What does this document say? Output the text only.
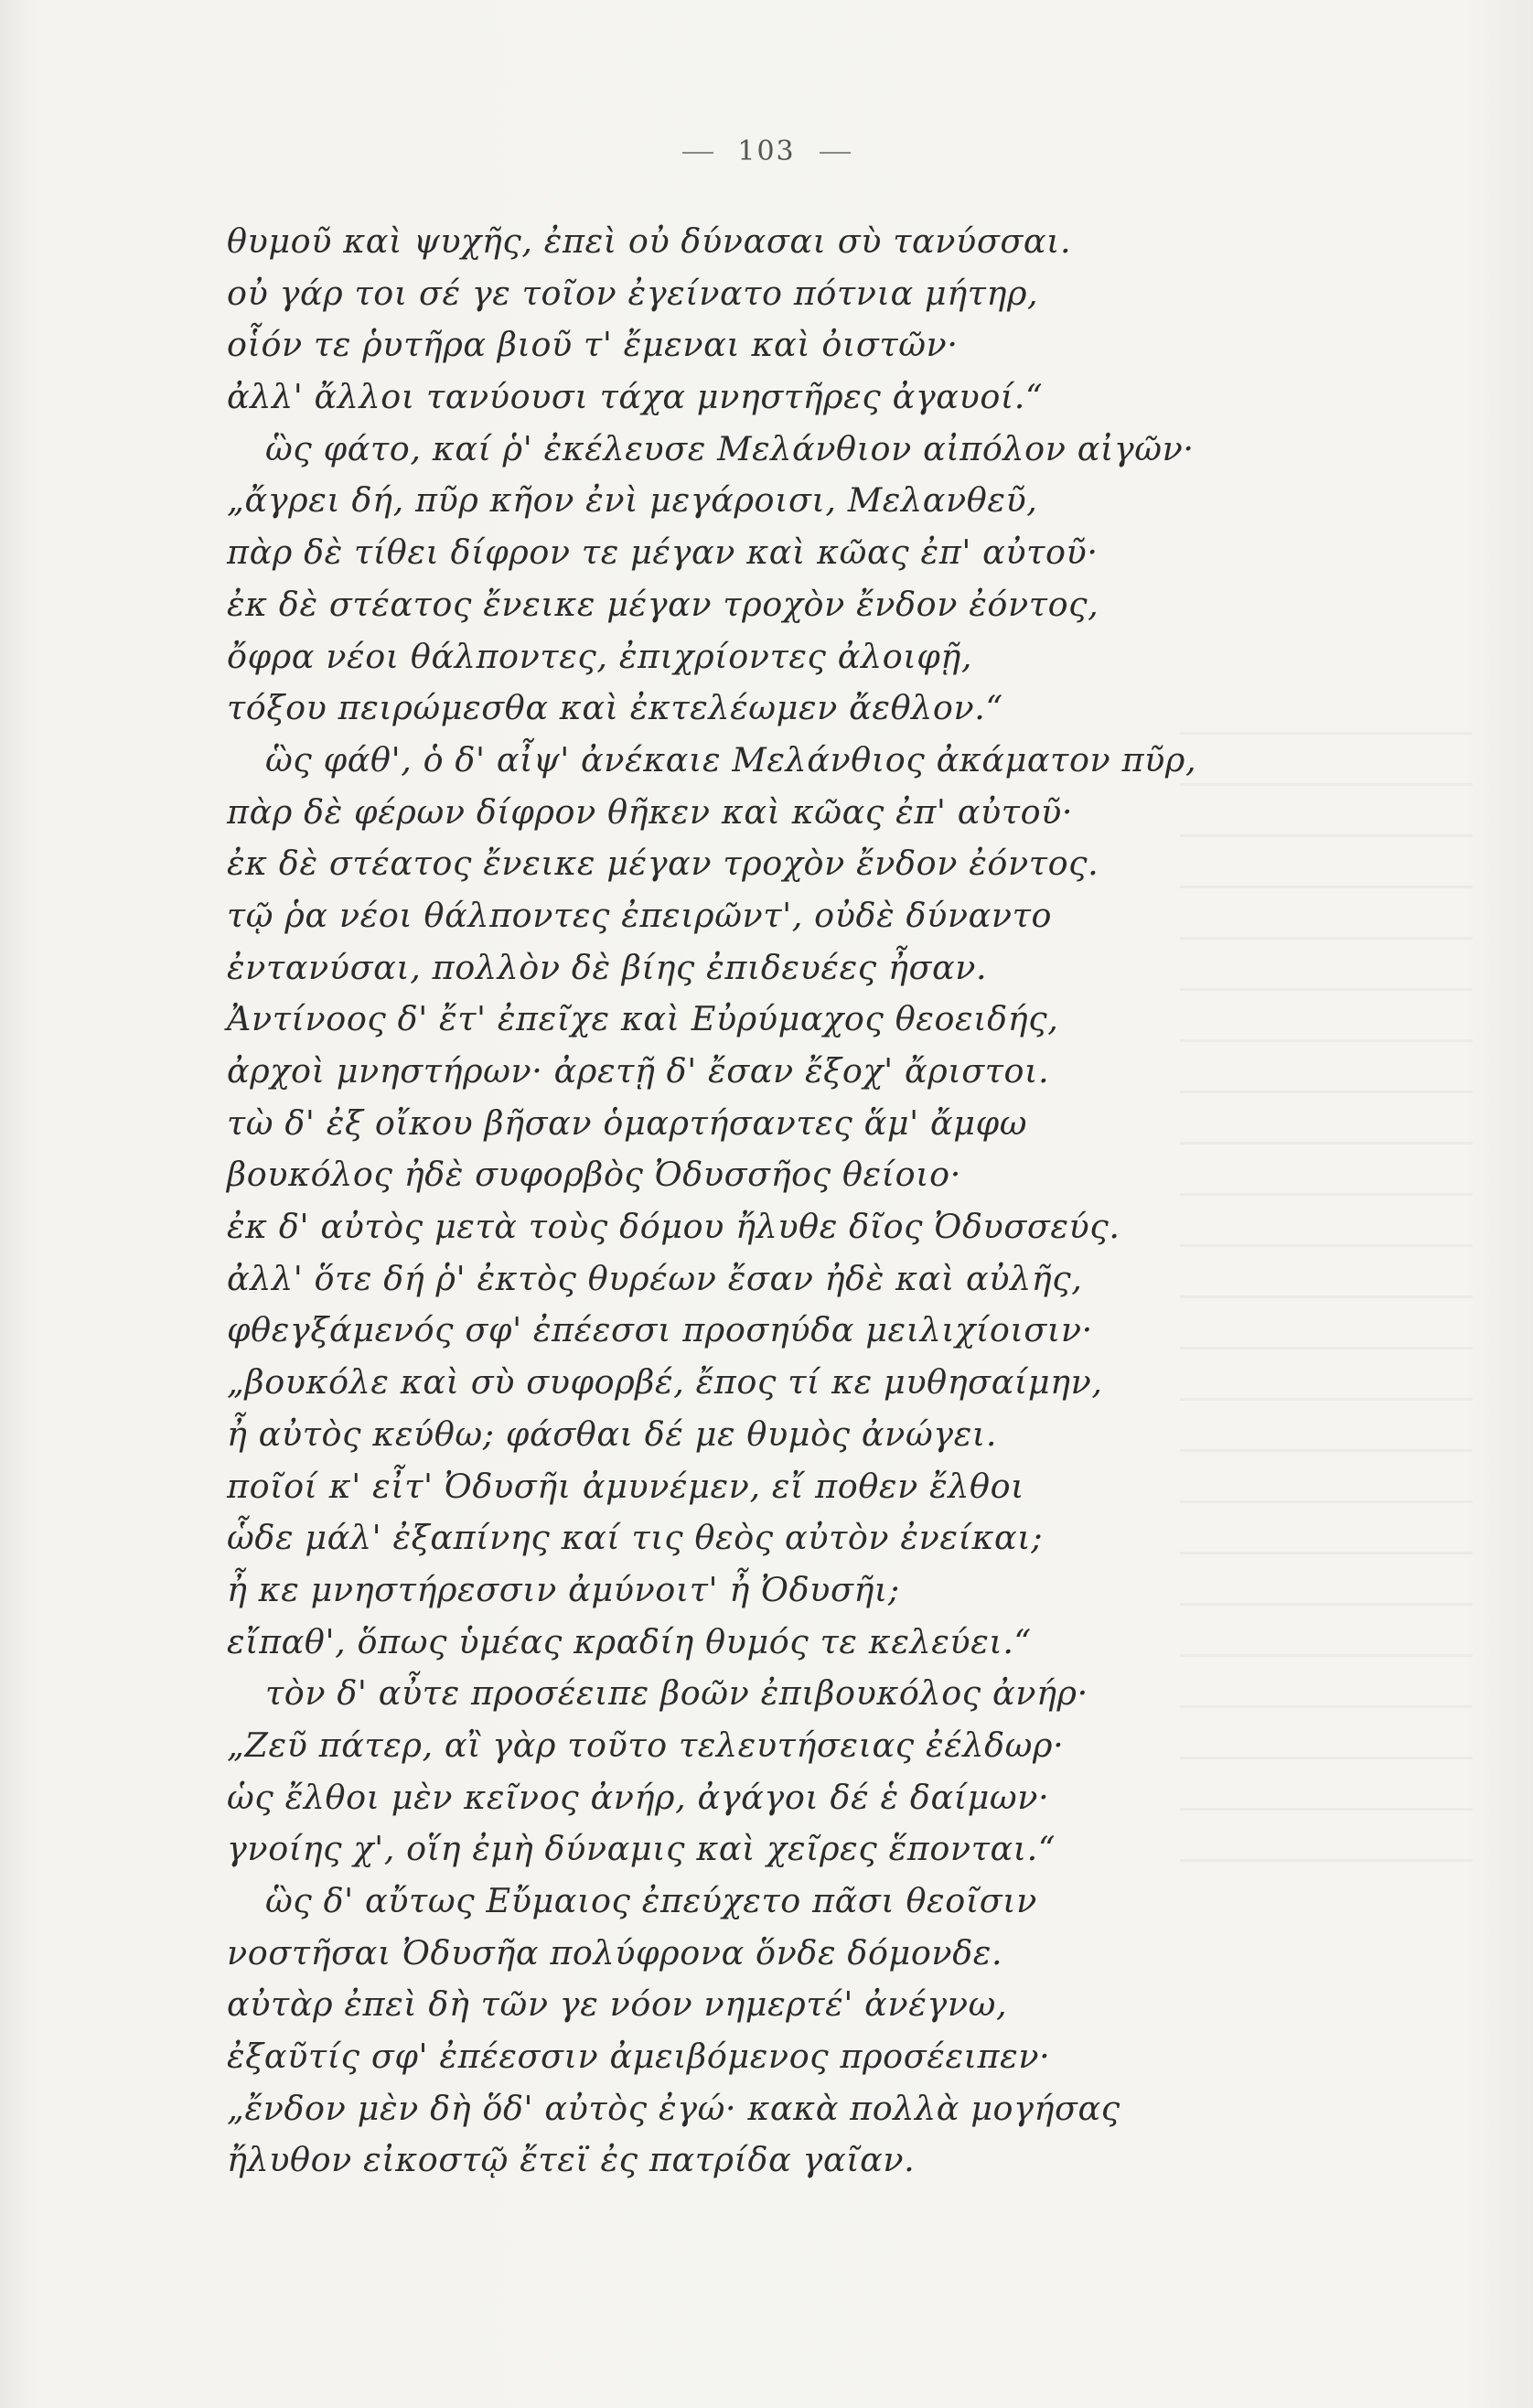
103
θυμοῦ καὶ ψυχῆς, ἐπεὶ οὐ δύνασαι σὺ τανύσσαι.
οὐ γάρ τοι σέ γε τοῖον ἐγείνατο πότνια μήτηρ,
οἷόν τε ῥυτῆρα βιοῦ τ' ἔμεναι καὶ ὀιστῶν·
ἀλλ' ἄλλοι τανύουσι τάχα μνηστῆρες ἀγαυοί.“
ὣς φάτο, καί ῥ' ἐκέλευσε Μελάνθιον αἰπόλον αἰγῶν·
„ἄγρει δή, πῦρ κῆον ἐνὶ μεγάροισι, Μελανθεῦ,
πὰρ δὲ τίθει δίφρον τε μέγαν καὶ κῶας ἐπ' αὐτοῦ·
ἐκ δὲ στέατος ἔνεικε μέγαν τροχὸν ἔνδον ἐόντος,
ὄφρα νέοι θάλποντες, ἐπιχρίοντες ἀλοιφῇ,
τόξου πειρώμεσθα καὶ ἐκτελέωμεν ἄεθλον.“
ὣς φάθ', ὁ δ' αἶψ' ἀνέκαιε Μελάνθιος ἀκάματον πῦρ,
πὰρ δὲ φέρων δίφρον θῆκεν καὶ κῶας ἐπ' αὐτοῦ·
ἐκ δὲ στέατος ἔνεικε μέγαν τροχὸν ἔνδον ἐόντος.
τῷ ῥα νέοι θάλποντες ἐπειρῶντ', οὐδὲ δύναντο
ἐντανύσαι, πολλὸν δὲ βίης ἐπιδευέες ἦσαν.
Ἀντίνοος δ' ἔτ' ἐπεῖχε καὶ Εὐρύμαχος θεοειδής,
ἀρχοὶ μνηστήρων· ἀρετῇ δ' ἔσαν ἔξοχ' ἄριστοι.
τὼ δ' ἐξ οἴκου βῆσαν ὁμαρτήσαντες ἅμ' ἄμφω
βουκόλος ἠδὲ συφορβὸς Ὀδυσσῆος θείοιο·
ἐκ δ' αὐτὸς μετὰ τοὺς δόμου ἤλυθε δῖος Ὀδυσσεύς.
ἀλλ' ὅτε δή ῥ' ἐκτὸς θυρέων ἔσαν ἠδὲ καὶ αὐλῆς,
φθεγξάμενός σφ' ἐπέεσσι προσηύδα μειλιχίοισιν·
„βουκόλε καὶ σὺ συφορβέ, ἔπος τί κε μυθησαίμην,
ἦ αὐτὸς κεύθω; φάσθαι δέ με θυμὸς ἀνώγει.
ποῖοί κ' εἶτ' Ὀδυσῆι ἀμυνέμεν, εἴ ποθεν ἔλθοι
ὧδε μάλ' ἐξαπίνης καί τις θεὸς αὐτὸν ἐνείκαι;
ἦ κε μνηστήρεσσιν ἀμύνοιτ' ἦ Ὀδυσῆι;
εἴπαθ', ὅπως ὑμέας κραδίη θυμός τε κελεύει.“
τὸν δ' αὖτε προσέειπε βοῶν ἐπιβουκόλος ἀνήρ·
„Ζεῦ πάτερ, αἲ γὰρ τοῦτο τελευτήσειας ἐέλδωρ·
ὡς ἔλθοι μὲν κεῖνος ἀνήρ, ἀγάγοι δέ ἑ δαίμων·
γνοίης χ', οἵη ἐμὴ δύναμις καὶ χεῖρες ἕπονται.“
ὣς δ' αὔτως Εὔμαιος ἐπεύχετο πᾶσι θεοῖσιν
νοστῆσαι Ὀδυσῆα πολύφρονα ὅνδε δόμονδε.
αὐτὰρ ἐπεὶ δὴ τῶν γε νόον νημερτέ' ἀνέγνω,
ἐξαῦτίς σφ' ἐπέεσσιν ἀμειβόμενος προσέειπεν·
„ἔνδον μὲν δὴ ὅδ' αὐτὸς ἐγώ· κακὰ πολλὰ μογήσας
ἤλυθον εἰκοστῷ ἔτεϊ ἐς πατρίδα γαῖαν.
